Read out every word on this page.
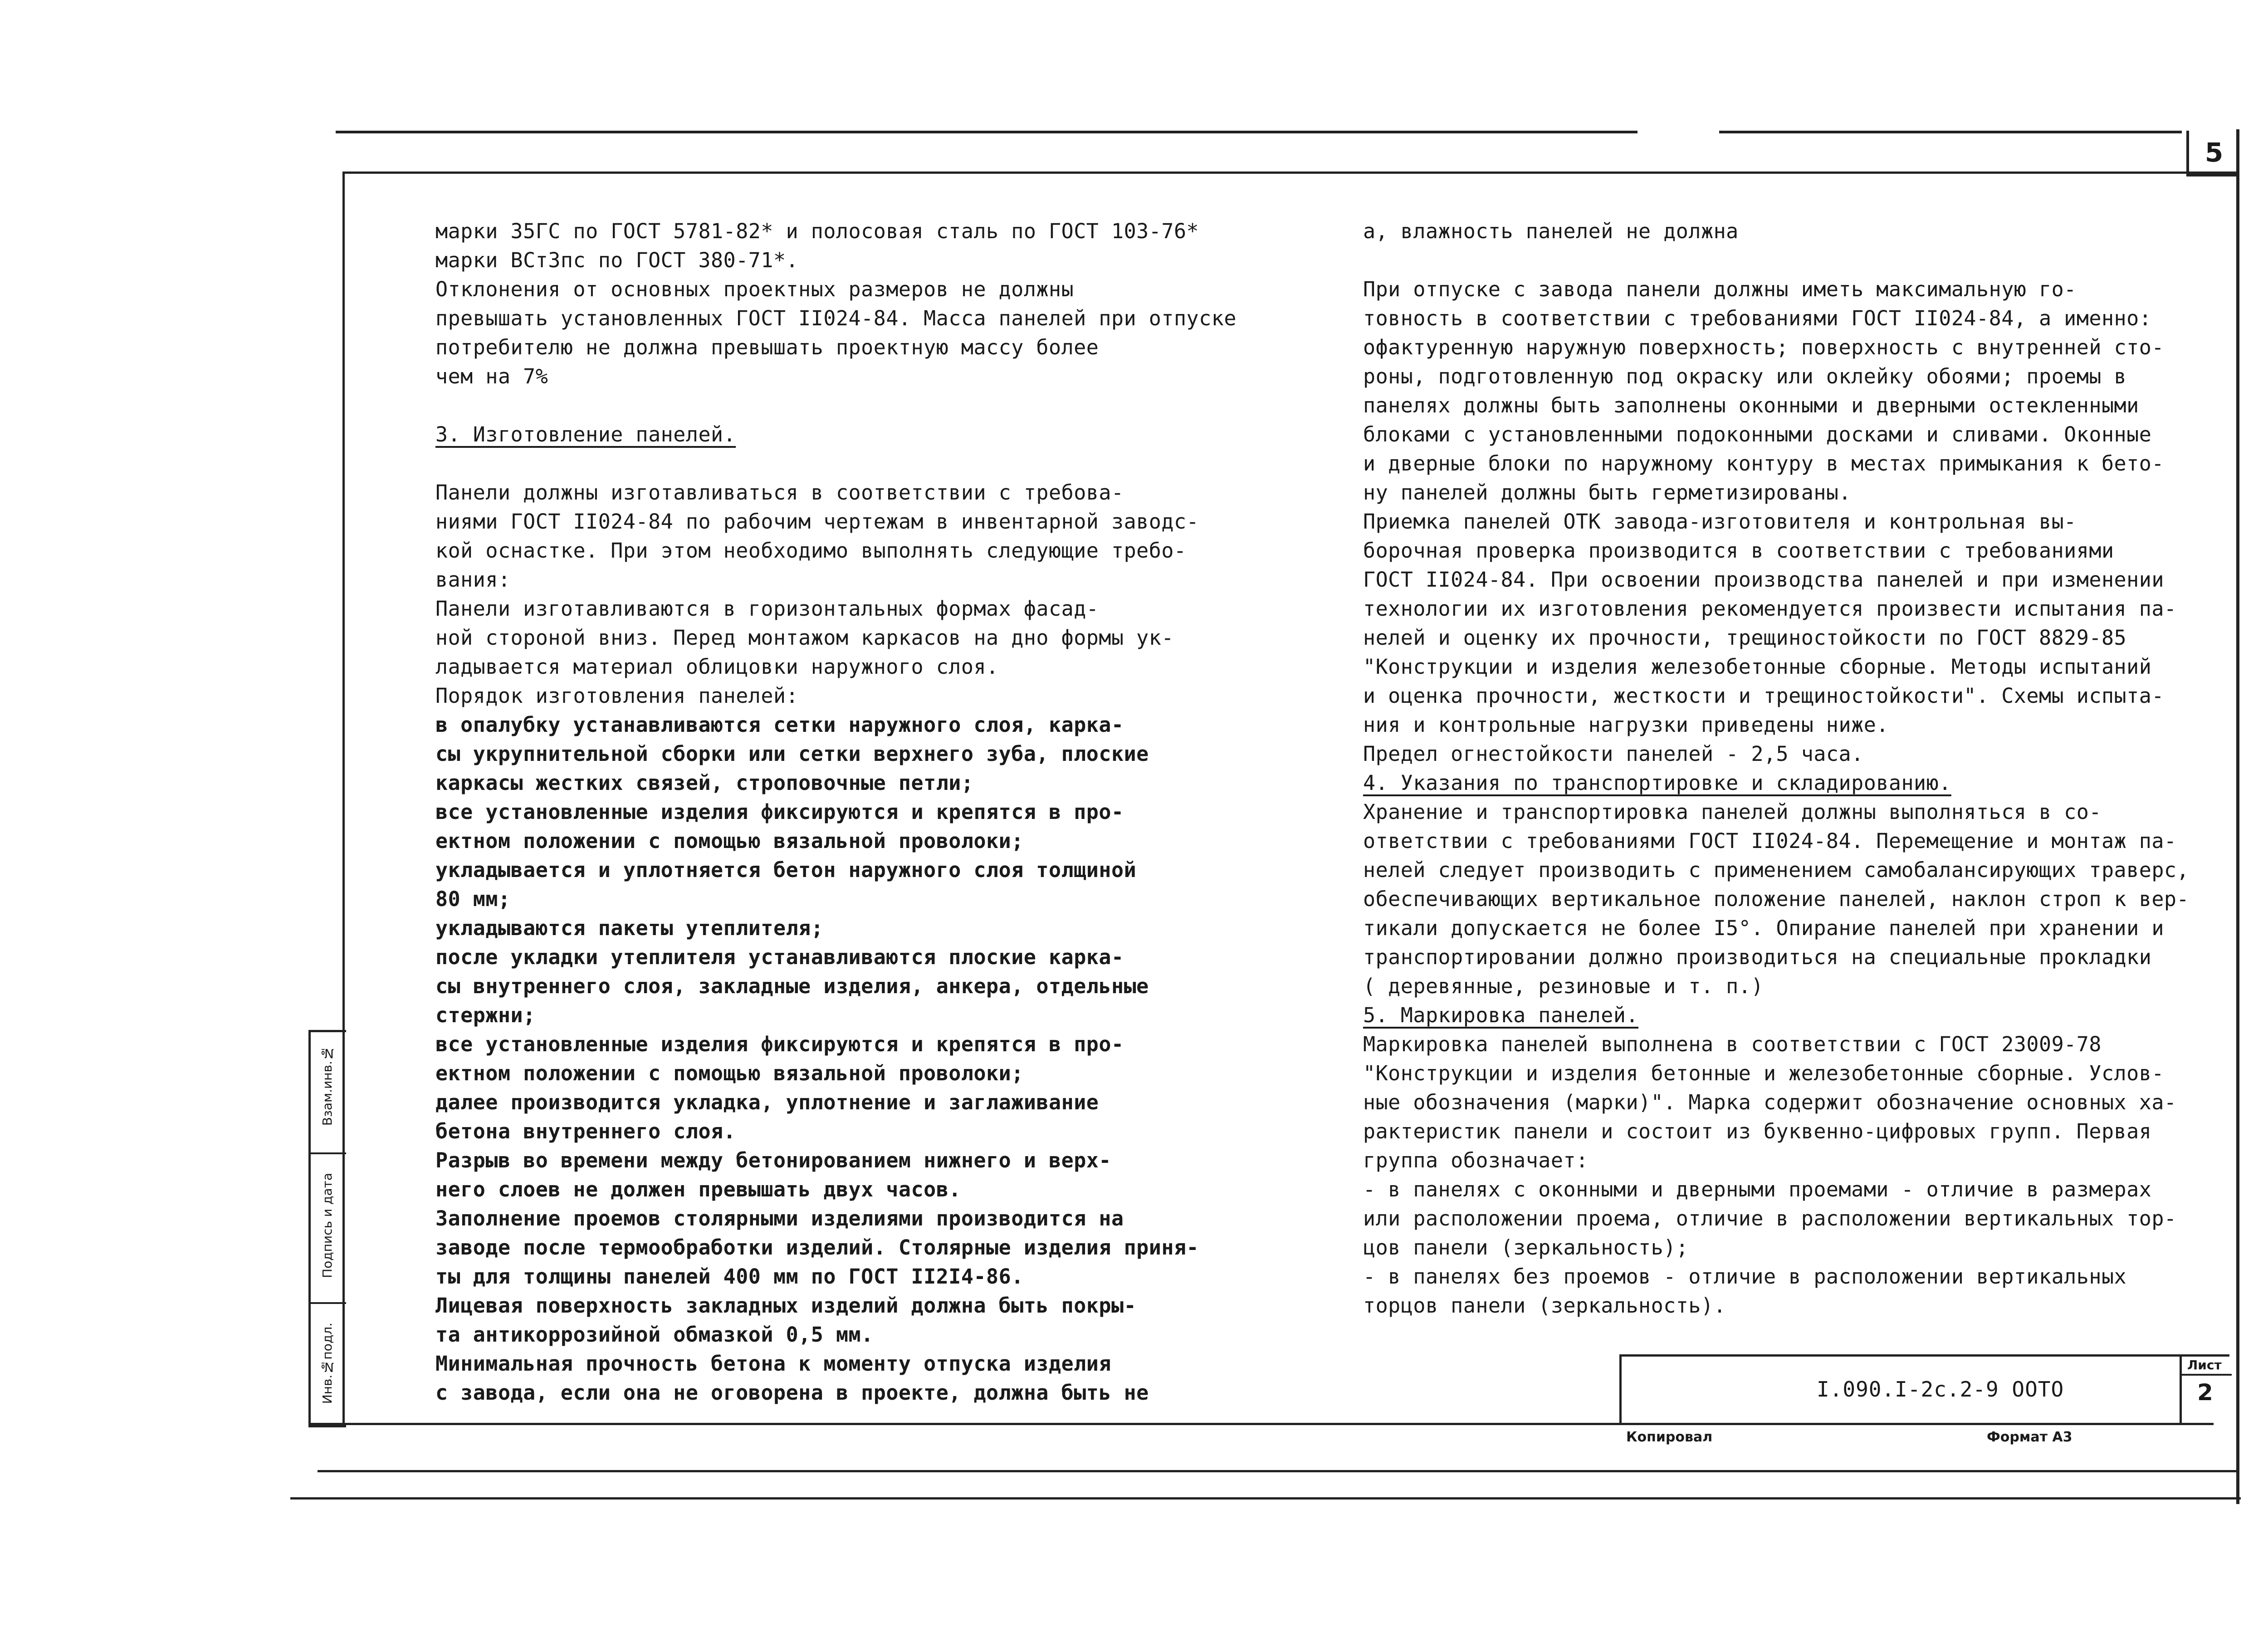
5
Взам.инв.№
Подпись и дата
Инв.№подл.
марки 35ГС по ГОСТ 5781-82* и полосовая сталь по ГОСТ 103-76*
марки ВСт3пс по ГОСТ 380-71*.
Отклонения от основных проектных размеров не должны
превышать установленных ГОСТ II024-84. Масса панелей при отпуске
потребителю не должна превышать проектную массу более
чем на 7%
3. Изготовление панелей.
Панели должны изготавливаться в соответствии с требова-
ниями ГОСТ II024-84 по рабочим чертежам в инвентарной заводс-
кой оснастке. При этом необходимо выполнять следующие требо-
вания:
Панели изготавливаются в горизонтальных формах фасад-
ной стороной вниз. Перед монтажом каркасов на дно формы ук-
ладывается материал облицовки наружного слоя.
Порядок изготовления панелей:
в опалубку устанавливаются сетки наружного слоя, карка-
сы укрупнительной сборки или сетки верхнего зуба, плоские
каркасы жестких связей, строповочные петли;
все установленные изделия фиксируются и крепятся в про-
ектном положении с помощью вязальной проволоки;
укладывается и уплотняется бетон наружного слоя толщиной
80 мм;
укладываются пакеты утеплителя;
после укладки утеплителя устанавливаются плоские карка-
сы внутреннего слоя, закладные изделия, анкера, отдельные
стержни;
все установленные изделия фиксируются и крепятся в про-
ектном положении с помощью вязальной проволоки;
далее производится укладка, уплотнение и заглаживание
бетона внутреннего слоя.
Разрыв во времени между бетонированием нижнего и верх-
него слоев не должен превышать двух часов.
Заполнение проемов столярными изделиями производится на
заводе после термообработки изделий. Столярные изделия приня-
ты для толщины панелей 400 мм по ГОСТ II2I4-86.
Лицевая поверхность закладных изделий должна быть покры-
та антикоррозийной обмазкой 0,5 мм.
Минимальная прочность бетона к моменту отпуска изделия
с завода, если она не оговорена в проекте, должна быть не
а, влажность панелей не должна
При отпуске с завода панели должны иметь максимальную го-
товность в соответствии с требованиями ГОСТ II024-84, а именно:
офактуренную наружную поверхность; поверхность с внутренней сто-
роны, подготовленную под окраску или оклейку обоями; проемы в
панелях должны быть заполнены оконными и дверными остекленными
блоками с установленными подоконными досками и сливами. Оконные
и дверные блоки по наружному контуру в местах примыкания к бето-
ну панелей должны быть герметизированы.
Приемка панелей ОТК завода-изготовителя и контрольная вы-
борочная проверка производится в соответствии с требованиями
ГОСТ II024-84. При освоении производства панелей и при изменении
технологии их изготовления рекомендуется произвести испытания па-
нелей и оценку их прочности, трещиностойкости по ГОСТ 8829-85
"Конструкции и изделия железобетонные сборные. Методы испытаний
и оценка прочности, жесткости и трещиностойкости". Схемы испыта-
ния и контрольные нагрузки приведены ниже.
Предел огнестойкости панелей - 2,5 часа.
4. Указания по транспортировке и складированию.
Хранение и транспортировка панелей должны выполняться в со-
ответствии с требованиями ГОСТ II024-84. Перемещение и монтаж па-
нелей следует производить с применением самобалансирующих траверс,
обеспечивающих вертикальное положение панелей, наклон строп к вер-
тикали допускается не более I5°. Опирание панелей при хранении и
транспортировании должно производиться на специальные прокладки
( деревянные, резиновые и т. п.)
5. Маркировка панелей.
Маркировка панелей выполнена в соответствии с ГОСТ 23009-78
"Конструкции и изделия бетонные и железобетонные сборные. Услов-
ные обозначения (марки)". Марка содержит обозначение основных ха-
рактеристик панели и состоит из буквенно-цифровых групп. Первая
группа обозначает:
- в панелях с оконными и дверными проемами - отличие в размерах
или расположении проема, отличие в расположении вертикальных тор-
цов панели (зеркальность);
- в панелях без проемов - отличие в расположении вертикальных
торцов панели (зеркальность).
I.090.I-2c.2-9 ООТО
Лист
2
Копировал	Формат А3
